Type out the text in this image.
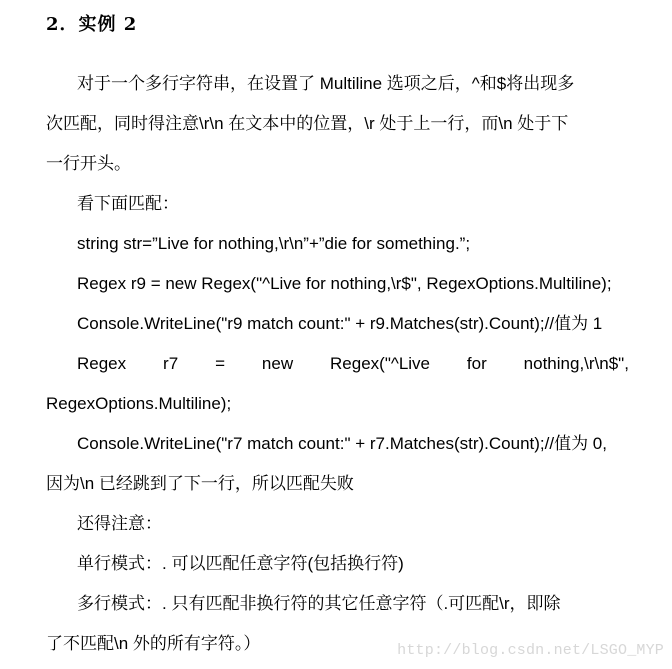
2．实例 2
对于一个多行字符串，在设置了 Multiline 选项之后，^和$将出现多
次匹配，同时得注意\r\n 在文本中的位置，\r 处于上一行，而\n 处于下
一行开头。
看下面匹配：
string str=”Live for nothing,\r\n”+”die for something.”;
Regex r9 = new Regex("^Live for nothing,\r$", RegexOptions.Multiline);
Console.WriteLine("r9 match count:" + r9.Matches(str).Count);//值为 1
Regex r7 = new Regex("^Live for nothing,\r\n$",
RegexOptions.Multiline);
Console.WriteLine("r7 match count:" + r7.Matches(str).Count);//值为 0,
因为\n 已经跳到了下一行，所以匹配失败
还得注意：
单行模式：. 可以匹配任意字符(包括换行符)
多行模式：. 只有匹配非换行符的其它任意字符（.可匹配\r，即除
了不匹配\n 外的所有字符。）	http://blog.csdn.net/LSGO_MYP
